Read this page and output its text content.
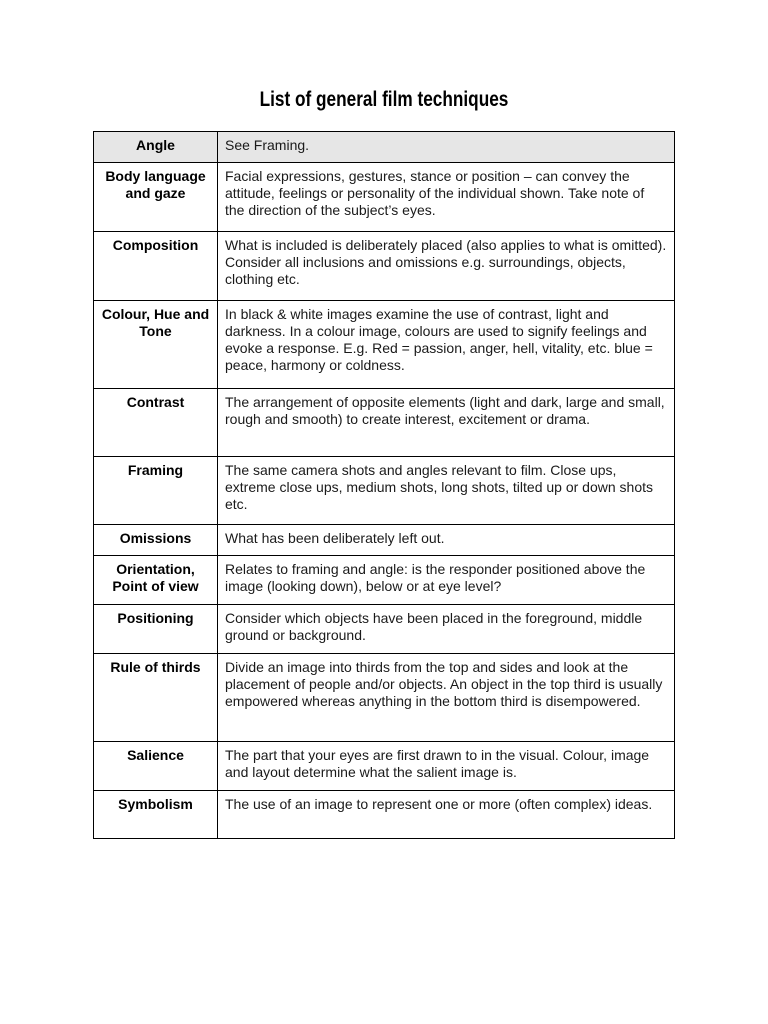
List of general film techniques
Angle	See Framing.
Body language and gaze	Facial expressions, gestures, stance or position – can convey the attitude, feelings or personality of the individual shown. Take note of the direction of the subject’s eyes.
Composition	What is included is deliberately placed (also applies to what is omitted). Consider all inclusions and omissions e.g. surroundings, objects, clothing etc.
Colour, Hue and Tone	In black & white images examine the use of contrast, light and darkness. In a colour image, colours are used to signify feelings and evoke a response. E.g. Red = passion, anger, hell, vitality, etc. blue = peace, harmony or coldness.
Contrast	The arrangement of opposite elements (light and dark, large and small, rough and smooth) to create interest, excitement or drama.
Framing	The same camera shots and angles relevant to film. Close ups, extreme close ups, medium shots, long shots, tilted up or down shots etc.
Omissions	What has been deliberately left out.
Orientation, Point of view	Relates to framing and angle: is the responder positioned above the image (looking down), below or at eye level?
Positioning	Consider which objects have been placed in the foreground, middle ground or background.
Rule of thirds	Divide an image into thirds from the top and sides and look at the placement of people and/or objects. An object in the top third is usually empowered whereas anything in the bottom third is disempowered.
Salience	The part that your eyes are first drawn to in the visual. Colour, image and layout determine what the salient image is.
Symbolism	The use of an image to represent one or more (often complex) ideas.
